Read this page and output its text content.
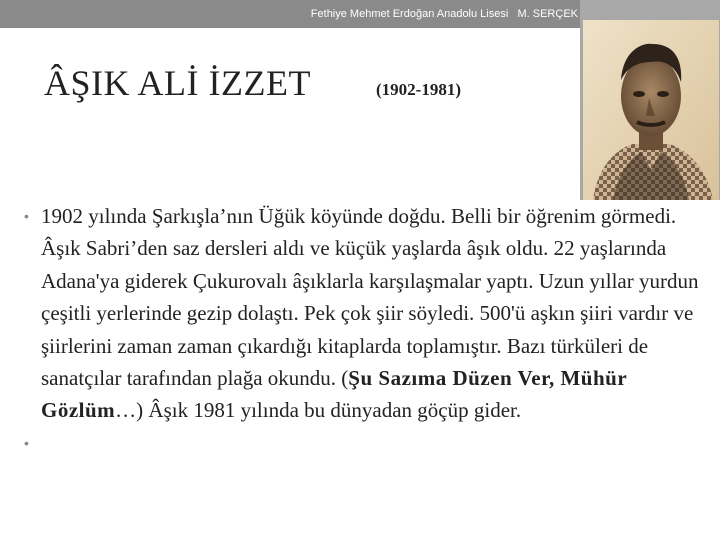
Fethiye Mehmet Erdoğan Anadolu Lisesi M. SERÇEK
ÂŞIK ALİ İZZET	(1902-1981)
• 1902 yılında Şarkışla’nın Üğük köyünde doğdu. Belli bir öğrenim görmedi. Âşık Sabri’den saz dersleri aldı ve küçük yaşlarda âşık oldu. 22 yaşlarında Adana'ya giderek Çukurovalı âşıklarla karşılaşmalar yaptı. Uzun yıllar yurdun çeşitli yerlerinde gezip dolaştı. Pek çok şiir söyledi. 500'ü aşkın şiiri vardır ve şiirlerini zaman zaman çıkardığı kitaplarda toplamıştır. Bazı türküleri de sanatçılar tarafından plağa okundu. (Şu Sazıma Düzen Ver, Mühür Gözlüm…) Âşık 1981 yılında bu dünyadan göçüp gider.
•
